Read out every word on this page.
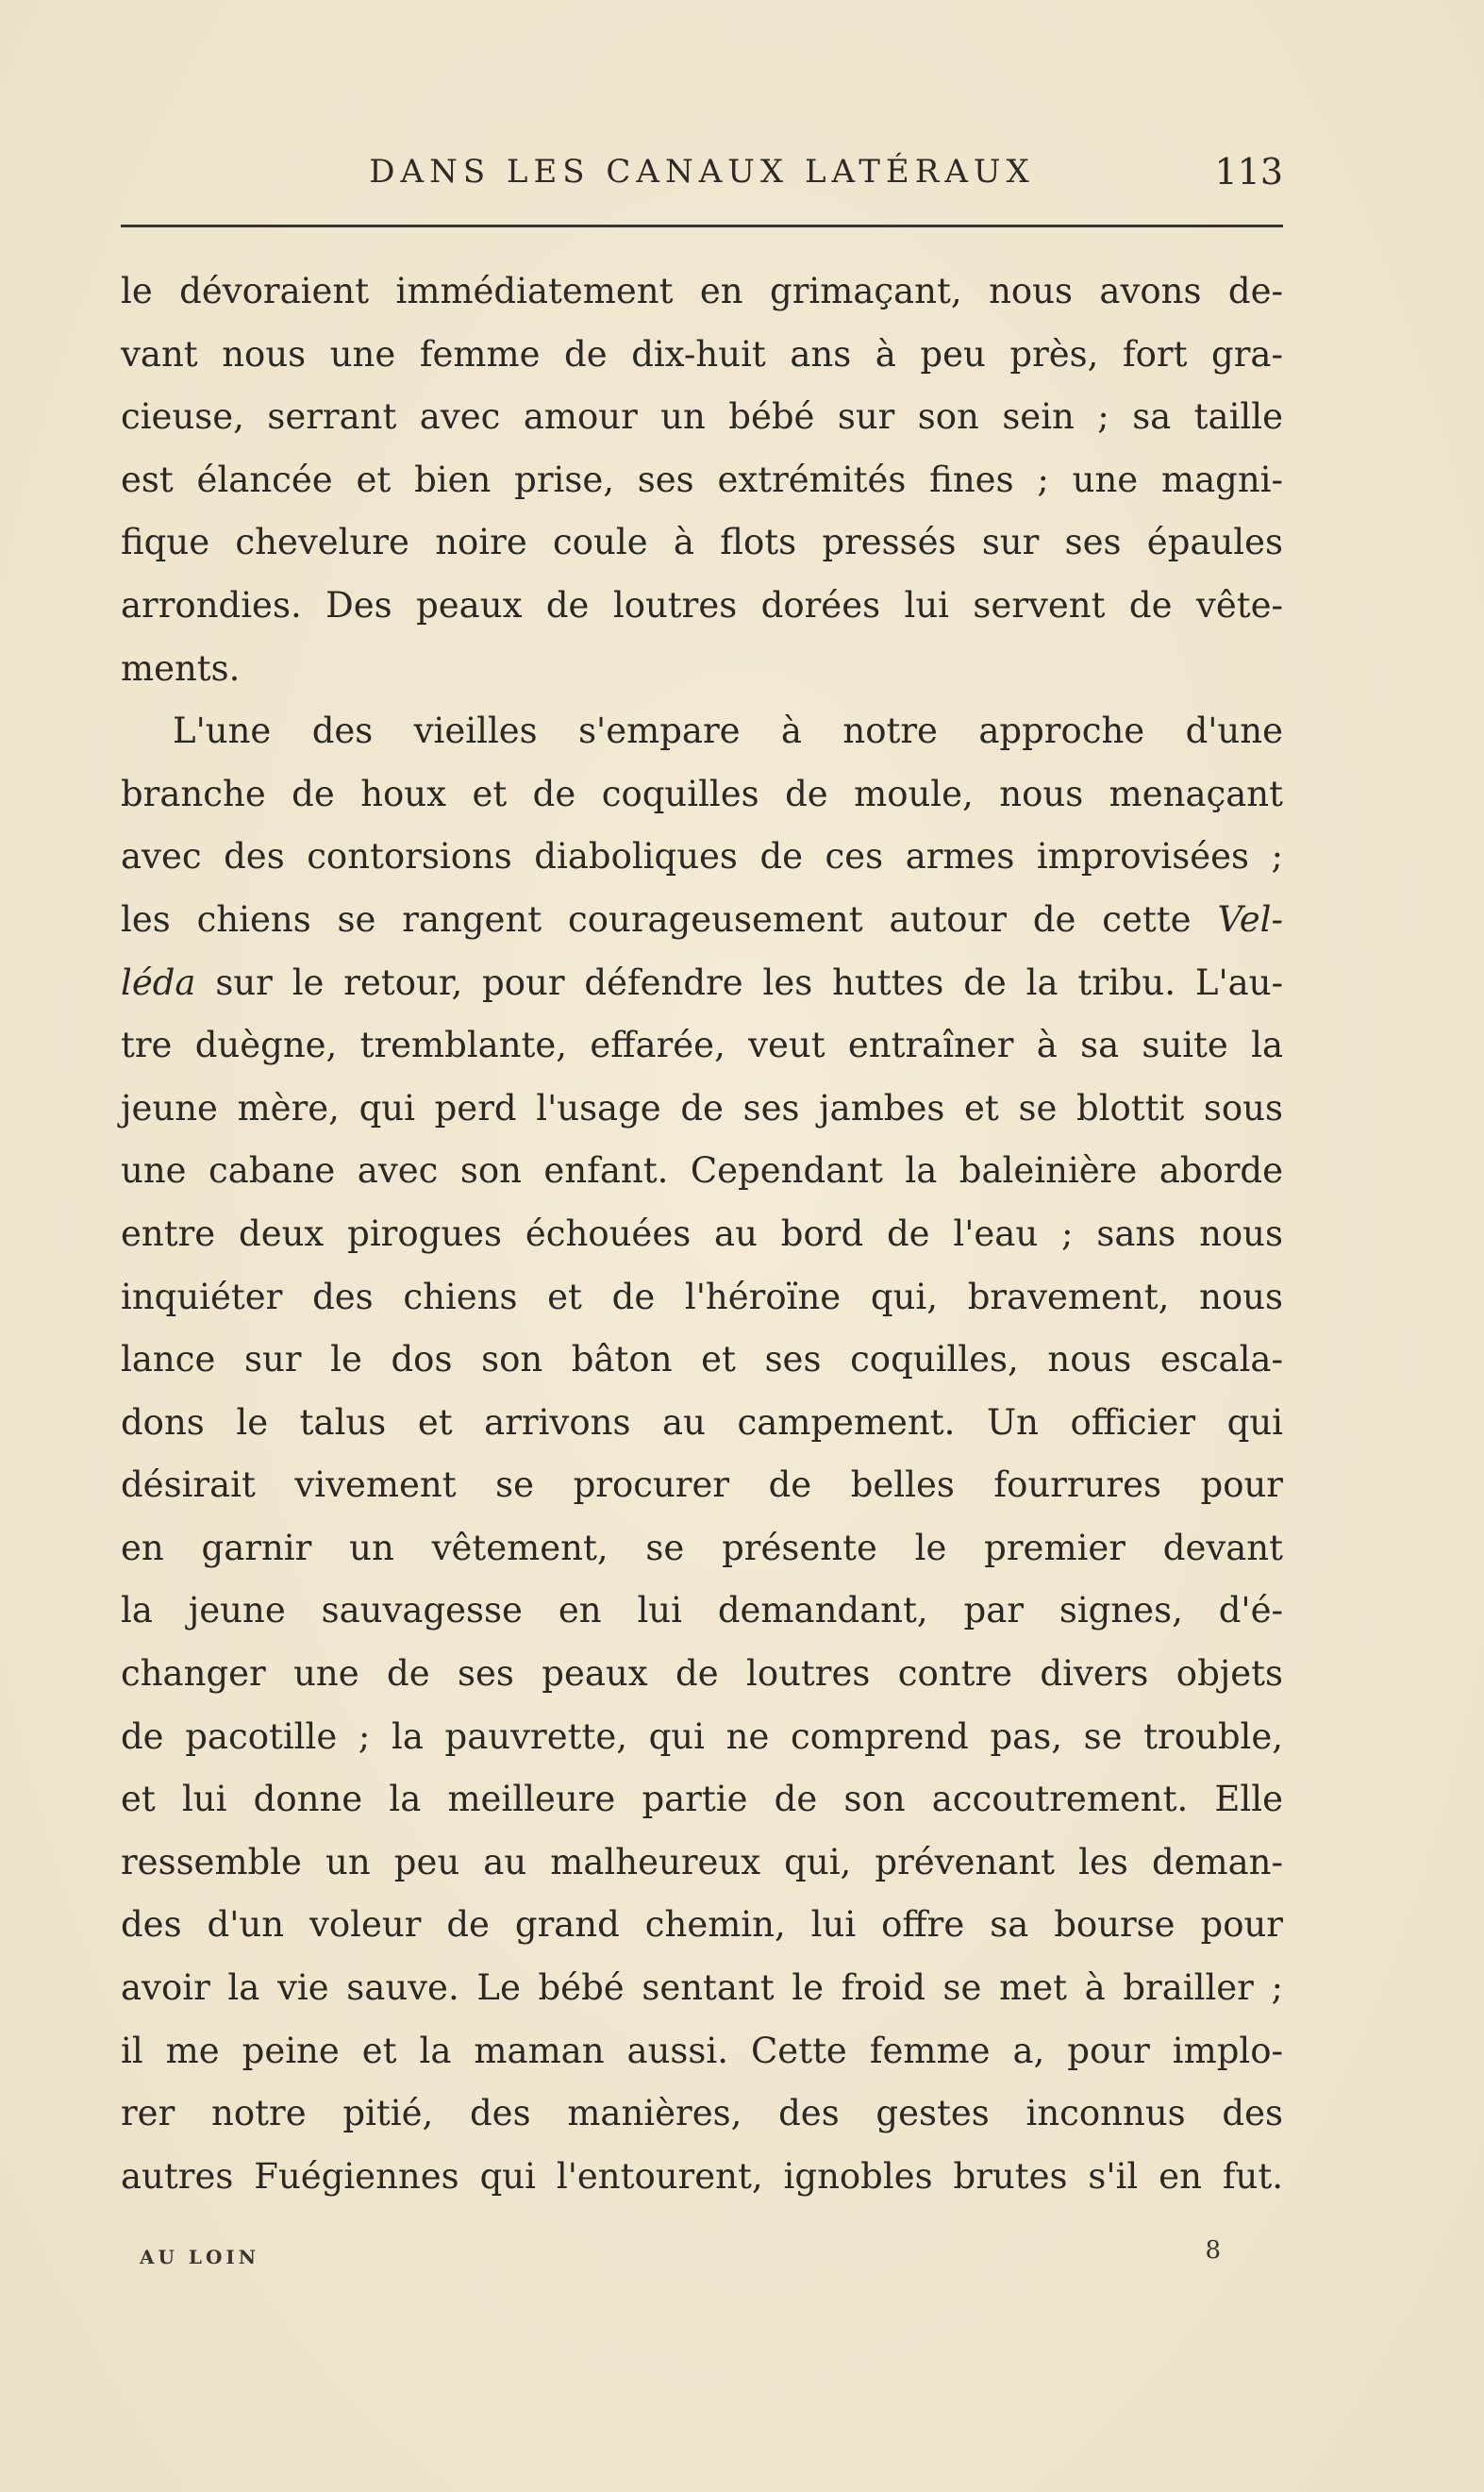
DANS LES CANAUX LATÉRAUX	113
le dévoraient immédiatement en grimaçant, nous avons de-
vant nous une femme de dix-huit ans à peu près, fort gra-
cieuse, serrant avec amour un bébé sur son sein ; sa taille
est élancée et bien prise, ses extrémités fines ; une magni-
fique chevelure noire coule à flots pressés sur ses épaules
arrondies. Des peaux de loutres dorées lui servent de vête-
ments.
L'une des vieilles s'empare à notre approche d'une
branche de houx et de coquilles de moule, nous menaçant
avec des contorsions diaboliques de ces armes improvisées ;
les chiens se rangent courageusement autour de cette Vel-
léda sur le retour, pour défendre les huttes de la tribu. L'au-
tre duègne, tremblante, effarée, veut entraîner à sa suite la
jeune mère, qui perd l'usage de ses jambes et se blottit sous
une cabane avec son enfant. Cependant la baleinière aborde
entre deux pirogues échouées au bord de l'eau ; sans nous
inquiéter des chiens et de l'héroïne qui, bravement, nous
lance sur le dos son bâton et ses coquilles, nous escala-
dons le talus et arrivons au campement. Un officier qui
désirait vivement se procurer de belles fourrures pour
en garnir un vêtement, se présente le premier devant
la jeune sauvagesse en lui demandant, par signes, d'é-
changer une de ses peaux de loutres contre divers objets
de pacotille ; la pauvrette, qui ne comprend pas, se trouble,
et lui donne la meilleure partie de son accoutrement. Elle
ressemble un peu au malheureux qui, prévenant les deman-
des d'un voleur de grand chemin, lui offre sa bourse pour
avoir la vie sauve. Le bébé sentant le froid se met à brailler ;
il me peine et la maman aussi. Cette femme a, pour implo-
rer notre pitié, des manières, des gestes inconnus des
autres Fuégiennes qui l'entourent, ignobles brutes s'il en fut.
AU LOIN	8
